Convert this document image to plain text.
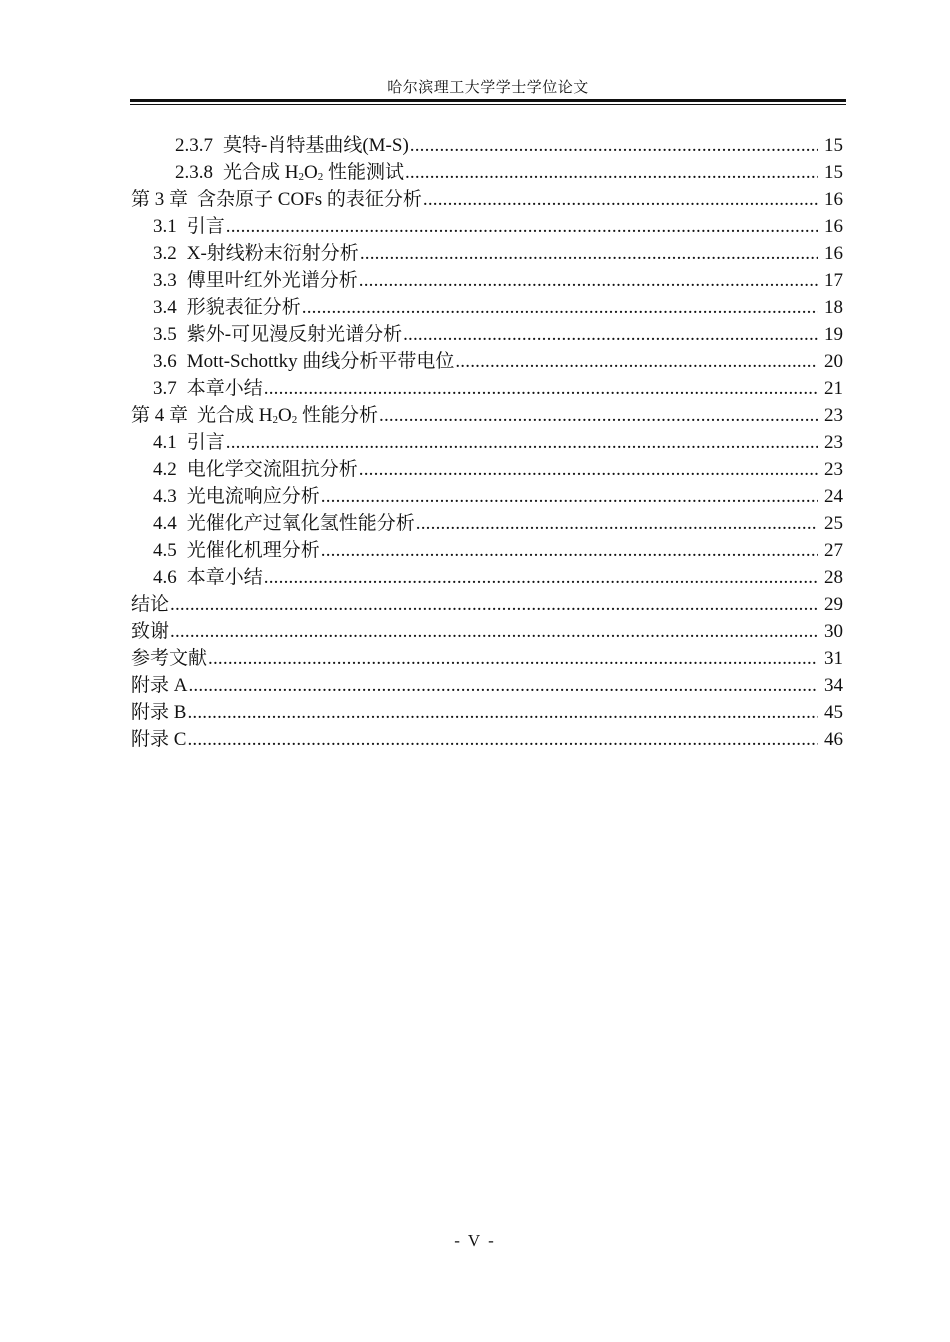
哈尔滨理工大学学士学位论文
2.3.7 莫特-肖特基曲线(M-S) .....	15
2.3.8 光合成 $H_2O_2$ 性能测试 .....	15
第 3 章 含杂原子 COFs 的表征分析 .....	16
3.1 引言 .....	16
3.2 X-射线粉末衍射分析 .....	16
3.3 傅里叶红外光谱分析 .....	17
3.4 形貌表征分析 .....	18
3.5 紫外-可见漫反射光谱分析 .....	19
3.6 Mott-Schottky 曲线分析平带电位 .....	20
3.7 本章小结 .....	21
第 4 章 光合成 $H_2O_2$ 性能分析 .....	23
4.1 引言 .....	23
4.2 电化学交流阻抗分析 .....	23
4.3 光电流响应分析 .....	24
4.4 光催化产过氧化氢性能分析 .....	25
4.5 光催化机理分析 .....	27
4.6 本章小结 .....	28
结论 .....	29
致谢 .....	30
参考文献 .....	31
附录 A .....	34
附录 B .....	45
附录 C .....	46
- V -
